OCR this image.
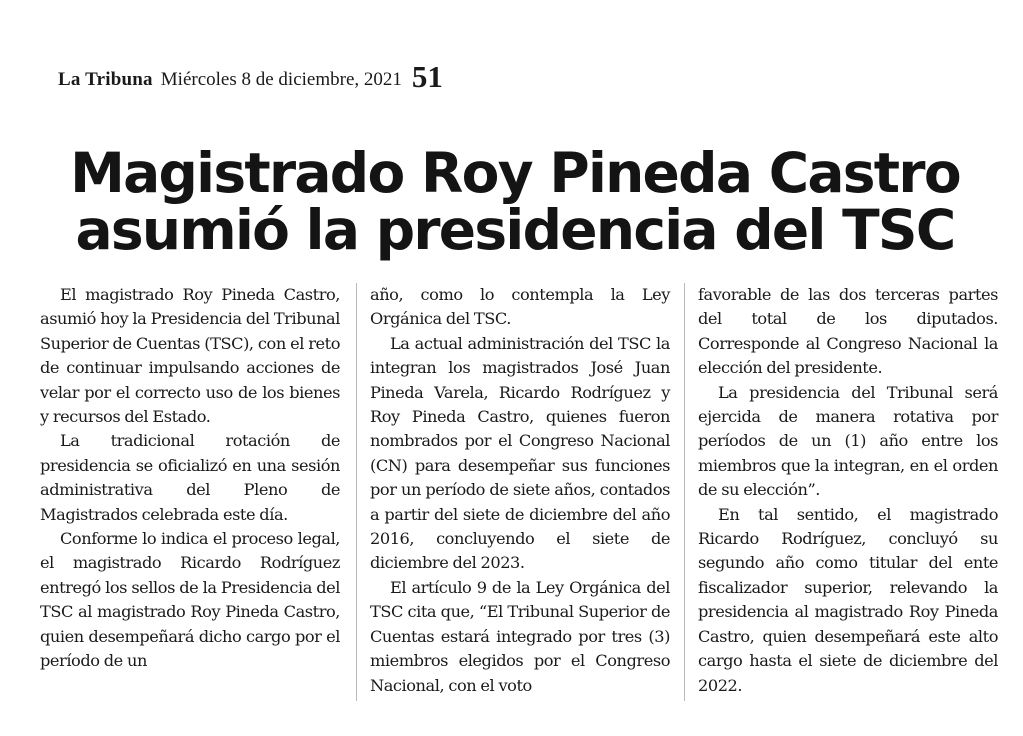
La Tribuna Miércoles 8 de diciembre, 2021 51
Magistrado Roy Pineda Castro
asumió la presidencia del TSC

El magistrado Roy Pineda Castro, asumió hoy la Presidencia del Tribunal Superior de Cuentas (TSC), con el reto de continuar impulsando acciones de velar por el correcto uso de los bienes y recursos del Estado.

La tradicional rotación de presidencia se oficializó en una sesión administrativa del Pleno de Magistrados celebrada este día.

Conforme lo indica el proceso legal, el magistrado Ricardo Rodríguez entregó los sellos de la Presidencia del TSC al magistrado Roy Pineda Castro, quien desempeñará dicho cargo por el período de un

año, como lo contempla la Ley Orgánica del TSC.

La actual administración del TSC la integran los magistrados José Juan Pineda Varela, Ricardo Rodríguez y Roy Pineda Castro, quienes fueron nombrados por el Congreso Nacional (CN) para desempeñar sus funciones por un período de siete años, contados a partir del siete de diciembre del año 2016, concluyendo el siete de diciembre del 2023.

El artículo 9 de la Ley Orgánica del TSC cita que, “El Tribunal Superior de Cuentas estará integrado por tres (3) miembros elegidos por el Congreso Nacional, con el voto

favorable de las dos terceras partes del total de los diputados. Corresponde al Congreso Nacional la elección del presidente.

La presidencia del Tribunal será ejercida de manera rotativa por períodos de un (1) año entre los miembros que la integran, en el orden de su elección”.

En tal sentido, el magistrado Ricardo Rodríguez, concluyó su segundo año como titular del ente fiscalizador superior, relevando la presidencia al magistrado Roy Pineda Castro, quien desempeñará este alto cargo hasta el siete de diciembre del 2022.
